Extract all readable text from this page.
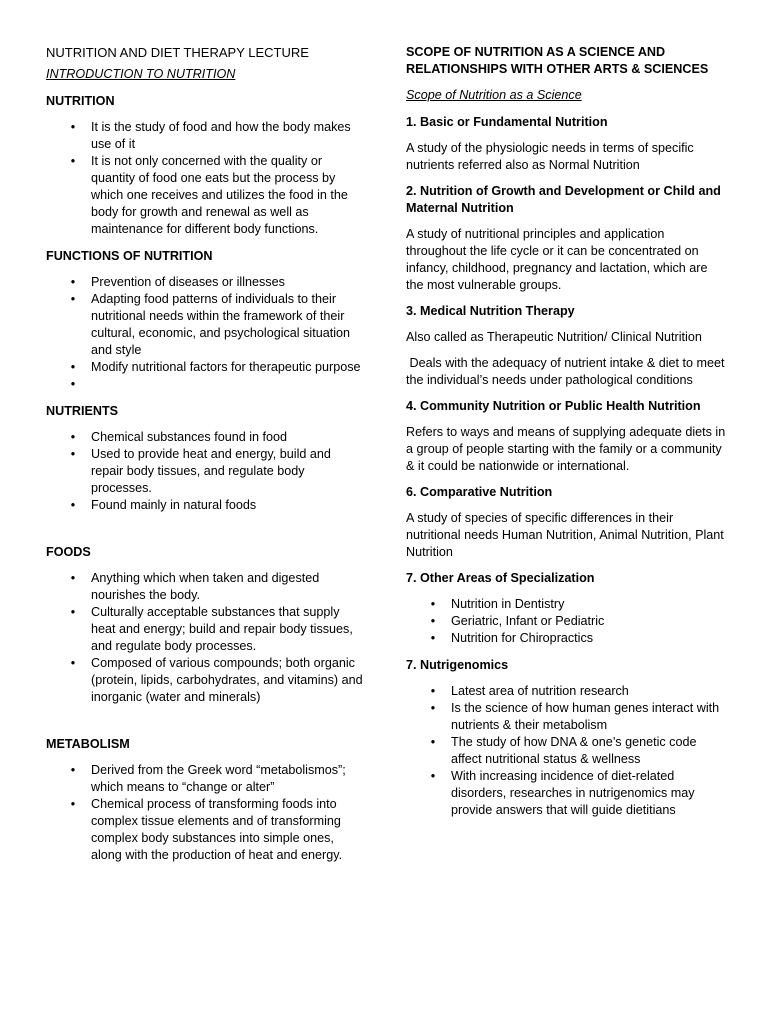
NUTRITION AND DIET THERAPY LECTURE
INTRODUCTION TO NUTRITION
NUTRITION
• It is the study of food and how the body makes use of it
• It is not only concerned with the quality or quantity of food one eats but the process by which one receives and utilizes the food in the body for growth and renewal as well as maintenance for different body functions.
FUNCTIONS OF NUTRITION
• Prevention of diseases or illnesses
• Adapting food patterns of individuals to their nutritional needs within the framework of their cultural, economic, and psychological situation and style
• Modify nutritional factors for therapeutic purpose
•
NUTRIENTS
• Chemical substances found in food
• Used to provide heat and energy, build and repair body tissues, and regulate body processes.
• Found mainly in natural foods
FOODS
• Anything which when taken and digested nourishes the body.
• Culturally acceptable substances that supply heat and energy; build and repair body tissues, and regulate body processes.
• Composed of various compounds; both organic (protein, lipids, carbohydrates, and vitamins) and inorganic (water and minerals)
METABOLISM
• Derived from the Greek word “metabolismos”; which means to “change or alter”
• Chemical process of transforming foods into complex tissue elements and of transforming complex body substances into simple ones, along with the production of heat and energy.
SCOPE OF NUTRITION AS A SCIENCE AND RELATIONSHIPS WITH OTHER ARTS & SCIENCES
Scope of Nutrition as a Science
1. Basic or Fundamental Nutrition
A study of the physiologic needs in terms of specific nutrients referred also as Normal Nutrition
2. Nutrition of Growth and Development or Child and Maternal Nutrition
A study of nutritional principles and application throughout the life cycle or it can be concentrated on infancy, childhood, pregnancy and lactation, which are the most vulnerable groups.
3. Medical Nutrition Therapy
Also called as Therapeutic Nutrition/ Clinical Nutrition
Deals with the adequacy of nutrient intake & diet to meet the individual’s needs under pathological conditions
4. Community Nutrition or Public Health Nutrition
Refers to ways and means of supplying adequate diets in a group of people starting with the family or a community & it could be nationwide or international.
6. Comparative Nutrition
A study of species of specific differences in their nutritional needs Human Nutrition, Animal Nutrition, Plant Nutrition
7. Other Areas of Specialization
• Nutrition in Dentistry
• Geriatric, Infant or Pediatric
• Nutrition for Chiropractics
7. Nutrigenomics
• Latest area of nutrition research
• Is the science of how human genes interact with nutrients & their metabolism
• The study of how DNA & one’s genetic code affect nutritional status & wellness
• With increasing incidence of diet-related disorders, researches in nutrigenomics may provide answers that will guide dietitians
